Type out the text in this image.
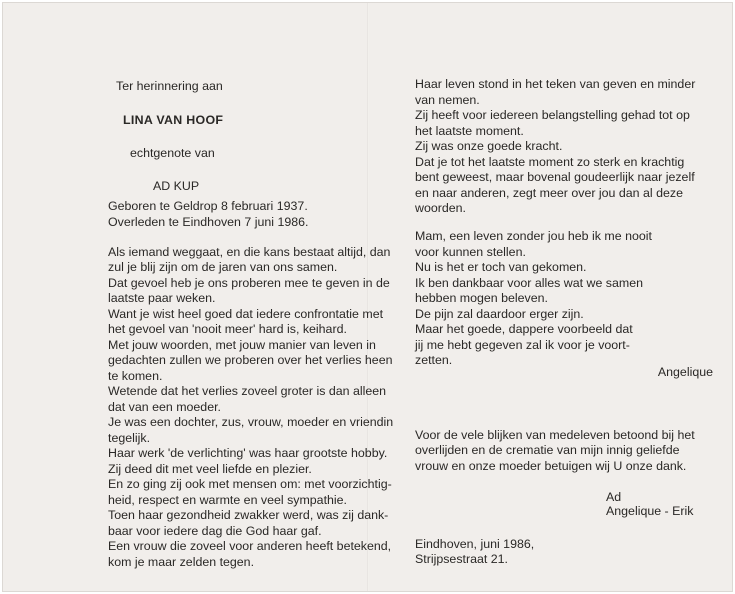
Ter herinnering aan
LINA VAN HOOF
echtgenote van
AD KUP
Geboren te Geldrop 8 februari 1937.
Overleden te Eindhoven 7 juni 1986.
Als iemand weggaat, en die kans bestaat altijd, dan
zul je blij zijn om de jaren van ons samen.
Dat gevoel heb je ons proberen mee te geven in de
laatste paar weken.
Want je wist heel goed dat iedere confrontatie met
het gevoel van 'nooit meer' hard is, keihard.
Met jouw woorden, met jouw manier van leven in
gedachten zullen we proberen over het verlies heen
te komen.
Wetende dat het verlies zoveel groter is dan alleen
dat van een moeder.
Je was een dochter, zus, vrouw, moeder en vriendin
tegelijk.
Haar werk 'de verlichting' was haar grootste hobby.
Zij deed dit met veel liefde en plezier.
En zo ging zij ook met mensen om: met voorzichtig-
heid, respect en warmte en veel sympathie.
Toen haar gezondheid zwakker werd, was zij dank-
baar voor iedere dag die God haar gaf.
Een vrouw die zoveel voor anderen heeft betekend,
kom je maar zelden tegen.
Haar leven stond in het teken van geven en minder
van nemen.
Zij heeft voor iedereen belangstelling gehad tot op
het laatste moment.
Zij was onze goede kracht.
Dat je tot het laatste moment zo sterk en krachtig
bent geweest, maar bovenal goudeerlijk naar jezelf
en naar anderen, zegt meer over jou dan al deze
woorden.
Mam, een leven zonder jou heb ik me nooit
voor kunnen stellen.
Nu is het er toch van gekomen.
Ik ben dankbaar voor alles wat we samen
hebben mogen beleven.
De pijn zal daardoor erger zijn.
Maar het goede, dappere voorbeeld dat
jij me hebt gegeven zal ik voor je voort-
zetten.
Angelique
Voor de vele blijken van medeleven betoond bij het
overlijden en de crematie van mijn innig geliefde
vrouw en onze moeder betuigen wij U onze dank.
Ad
Angelique - Erik
Eindhoven, juni 1986,
Strijpsestraat 21.
